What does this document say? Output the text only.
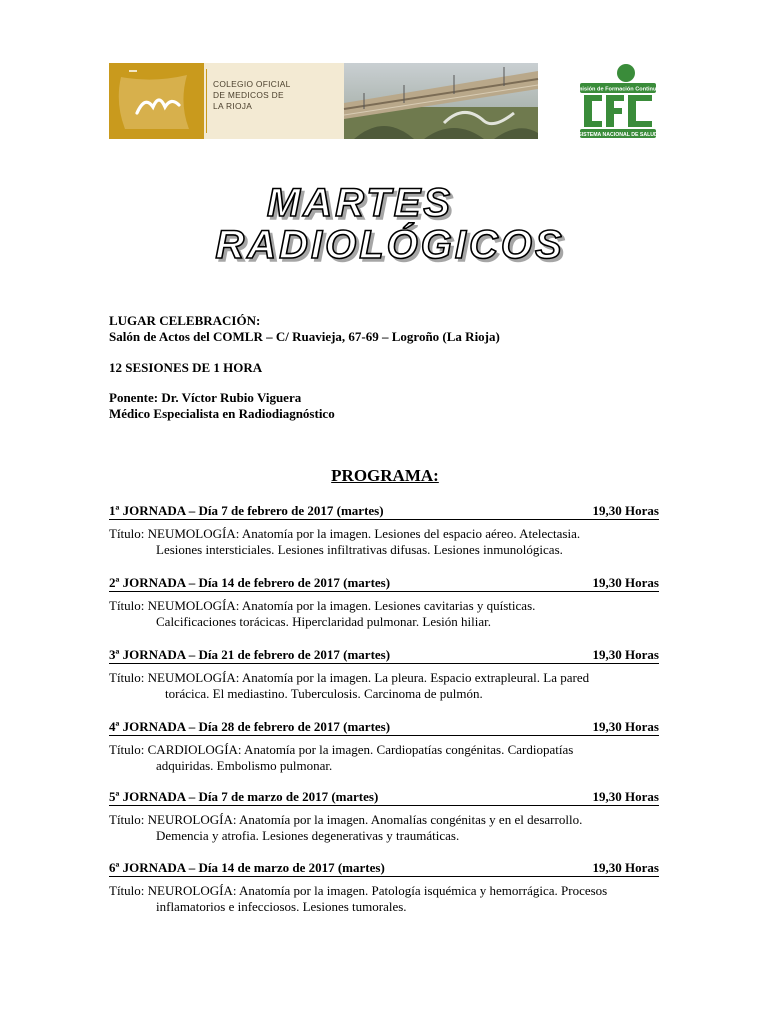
COLEGIO OFICIAL
DE MEDICOS DE
LA RIOJA
Comisión de Formación Continuada
SISTEMA NACIONAL DE SALUD
MARTES
RADIOLÓGICOS
LUGAR CELEBRACIÓN:
Salón de Actos del COMLR – C/ Ruavieja, 67-69 – Logroño (La Rioja)
12 SESIONES DE 1 HORA
Ponente: Dr. Víctor Rubio Viguera
Médico Especialista en Radiodiagnóstico
PROGRAMA:
1ª JORNADA – Día 7 de febrero de 2017 (martes)	19,30 Horas
Título: NEUMOLOGÍA: Anatomía por la imagen. Lesiones del espacio aéreo. Atelectasia.
Lesiones intersticiales. Lesiones infiltrativas difusas. Lesiones inmunológicas.
2ª JORNADA – Día 14 de febrero de 2017 (martes)	19,30 Horas
Título: NEUMOLOGÍA: Anatomía por la imagen. Lesiones cavitarias y quísticas.
Calcificaciones torácicas. Hiperclaridad pulmonar. Lesión hiliar.
3ª JORNADA – Día 21 de febrero de 2017 (martes)	19,30 Horas
Título: NEUMOLOGÍA: Anatomía por la imagen. La pleura. Espacio extrapleural. La pared
torácica. El mediastino. Tuberculosis. Carcinoma de pulmón.
4ª JORNADA – Día 28 de febrero de 2017 (martes)	19,30 Horas
Título: CARDIOLOGÍA: Anatomía por la imagen. Cardiopatías congénitas. Cardiopatías
adquiridas. Embolismo pulmonar.
5ª JORNADA – Día 7 de marzo de 2017 (martes)	19,30 Horas
Título: NEUROLOGÍA: Anatomía por la imagen. Anomalías congénitas y en el desarrollo.
Demencia y atrofia. Lesiones degenerativas y traumáticas.
6ª JORNADA – Día 14 de marzo de 2017 (martes)	19,30 Horas
Título: NEUROLOGÍA: Anatomía por la imagen. Patología isquémica y hemorrágica. Procesos
inflamatorios e infecciosos. Lesiones tumorales.
